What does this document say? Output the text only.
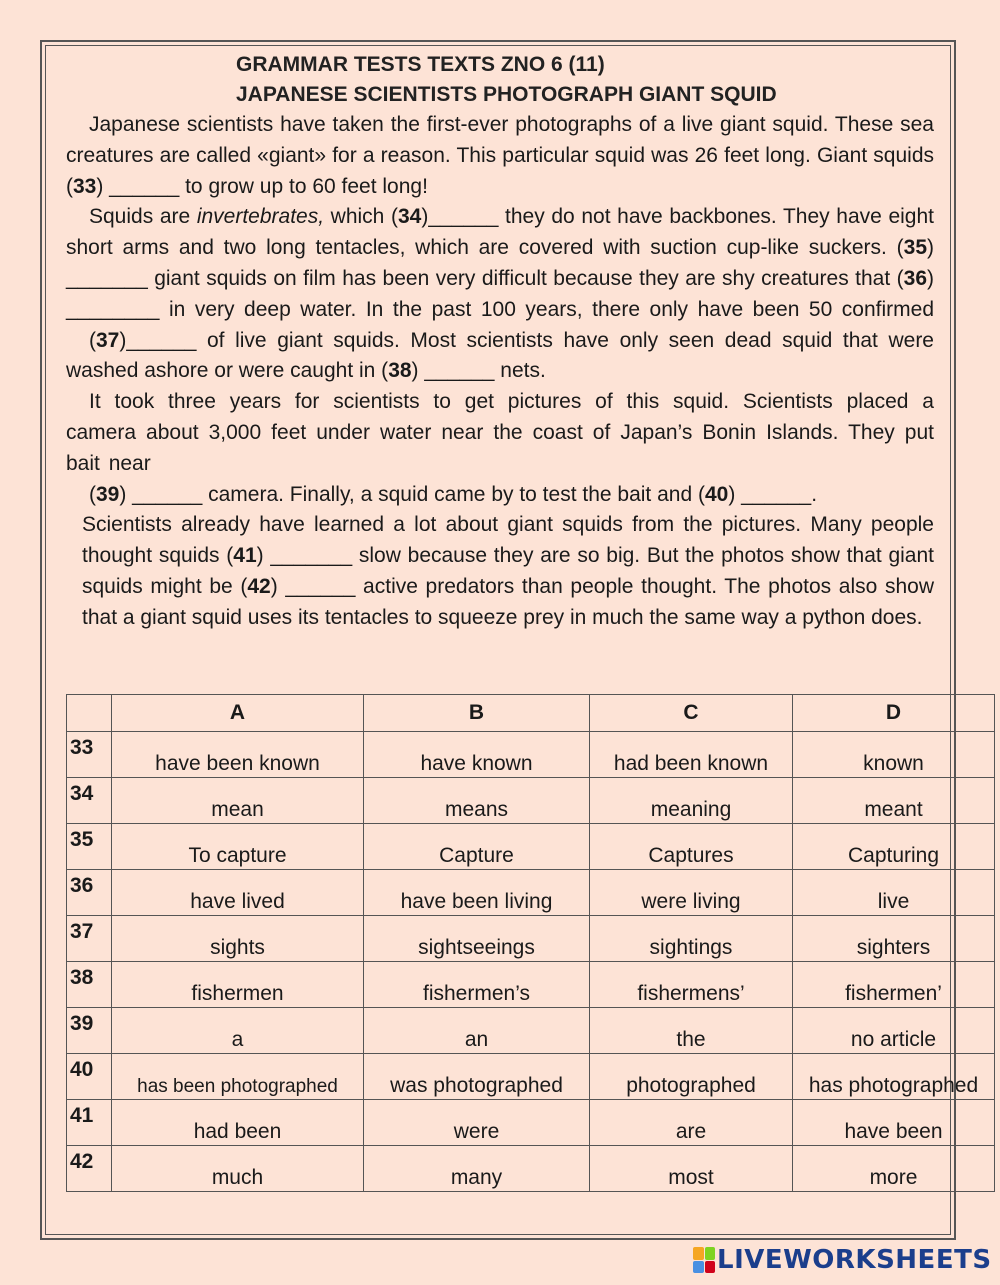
GRAMMAR TESTS TEXTS ZNO 6 (11)
JAPANESE SCIENTISTS PHOTOGRAPH GIANT SQUID

Japanese scientists have taken the first-ever photographs of a live giant squid. These sea creatures are called «giant» for a reason. This particular squid was 26 feet long. Giant squids (33) ______ to grow up to 60 feet long!

Squids are invertebrates, which (34)______ they do not have backbones. They have eight short arms and two long tentacles, which are covered with suction cup-like suckers. (35) _______ giant squids on film has been very difficult because they are shy creatures that (36) ________ in very deep water. In the past 100 years, there only have been 50 confirmed

(37)______ of live giant squids. Most scientists have only seen dead squid that were washed ashore or were caught in (38) ______ nets.

It took three years for scientists to get pictures of this squid. Scientists placed a camera about 3,000 feet under water near the coast of Japan’s Bonin Islands. They put bait near

(39) ______ camera. Finally, a squid came by to test the bait and (40) ______.

Scientists already have learned a lot about giant squids from the pictures. Many people thought squids (41) _______ slow because they are so big. But the photos show that giant squids might be (42) ______ active predators than people thought. The photos also show that a giant squid uses its tentacles to squeeze prey in much the same way a python does.

	A	B	C	D
33	have been known	have known	had been known	known
34	mean	means	meaning	meant
35	To capture	Capture	Captures	Capturing
36	have lived	have been living	were living	live
37	sights	sightseeings	sightings	sighters
38	fishermen	fishermen’s	fishermens’	fishermen’
39	a	an	the	no article
40	has been photographed	was photographed	photographed	has photographed
41	had been	were	are	have been
42	much	many	most	more
LIVEWORKSHEETS
